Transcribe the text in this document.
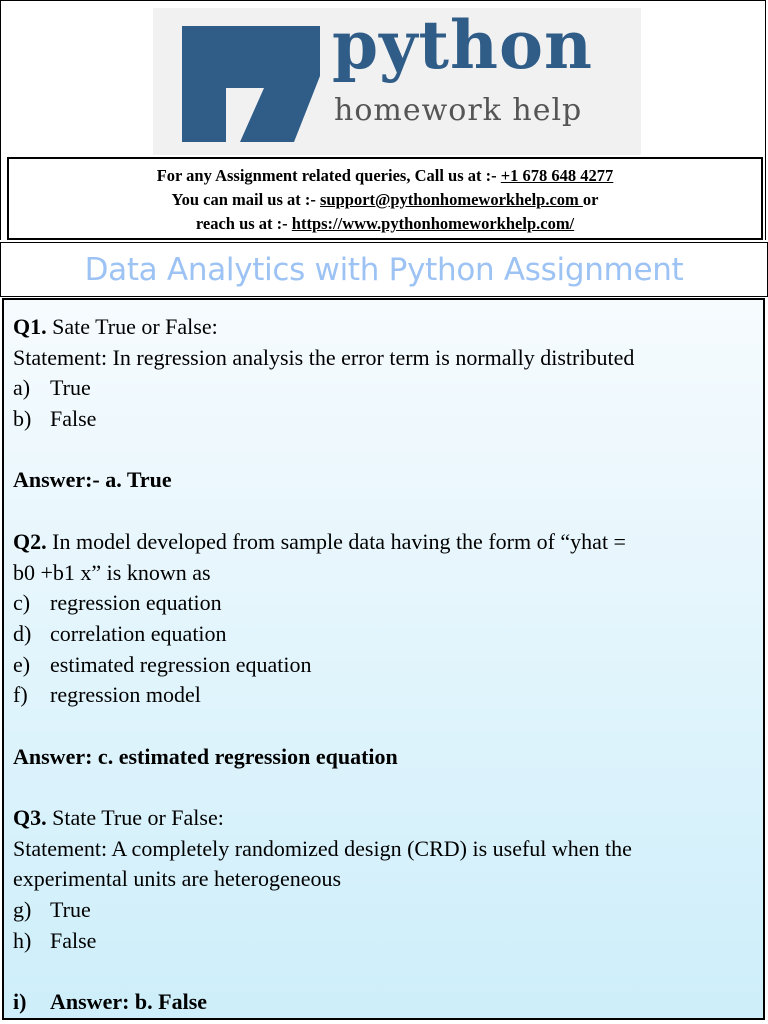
python
homework help
For any Assignment related queries, Call us at :- +1 678 648 4277
You can mail us at :- support@pythonhomeworkhelp.com or
reach us at :- https://www.pythonhomeworkhelp.com/
Data Analytics with Python Assignment
Q1. Sate True or False:
Statement: In regression analysis the error term is normally distributed
a) True
b) False
Answer:- a. True
Q2. In model developed from sample data having the form of “yhat =
b0 +b1 x” is known as
c) regression equation
d) correlation equation
e) estimated regression equation
f)	regression model
Answer: c. estimated regression equation
Q3. State True or False:
Statement: A completely randomized design (CRD) is useful when the
experimental units are heterogeneous
g) True
h) False
i)	Answer: b. False
